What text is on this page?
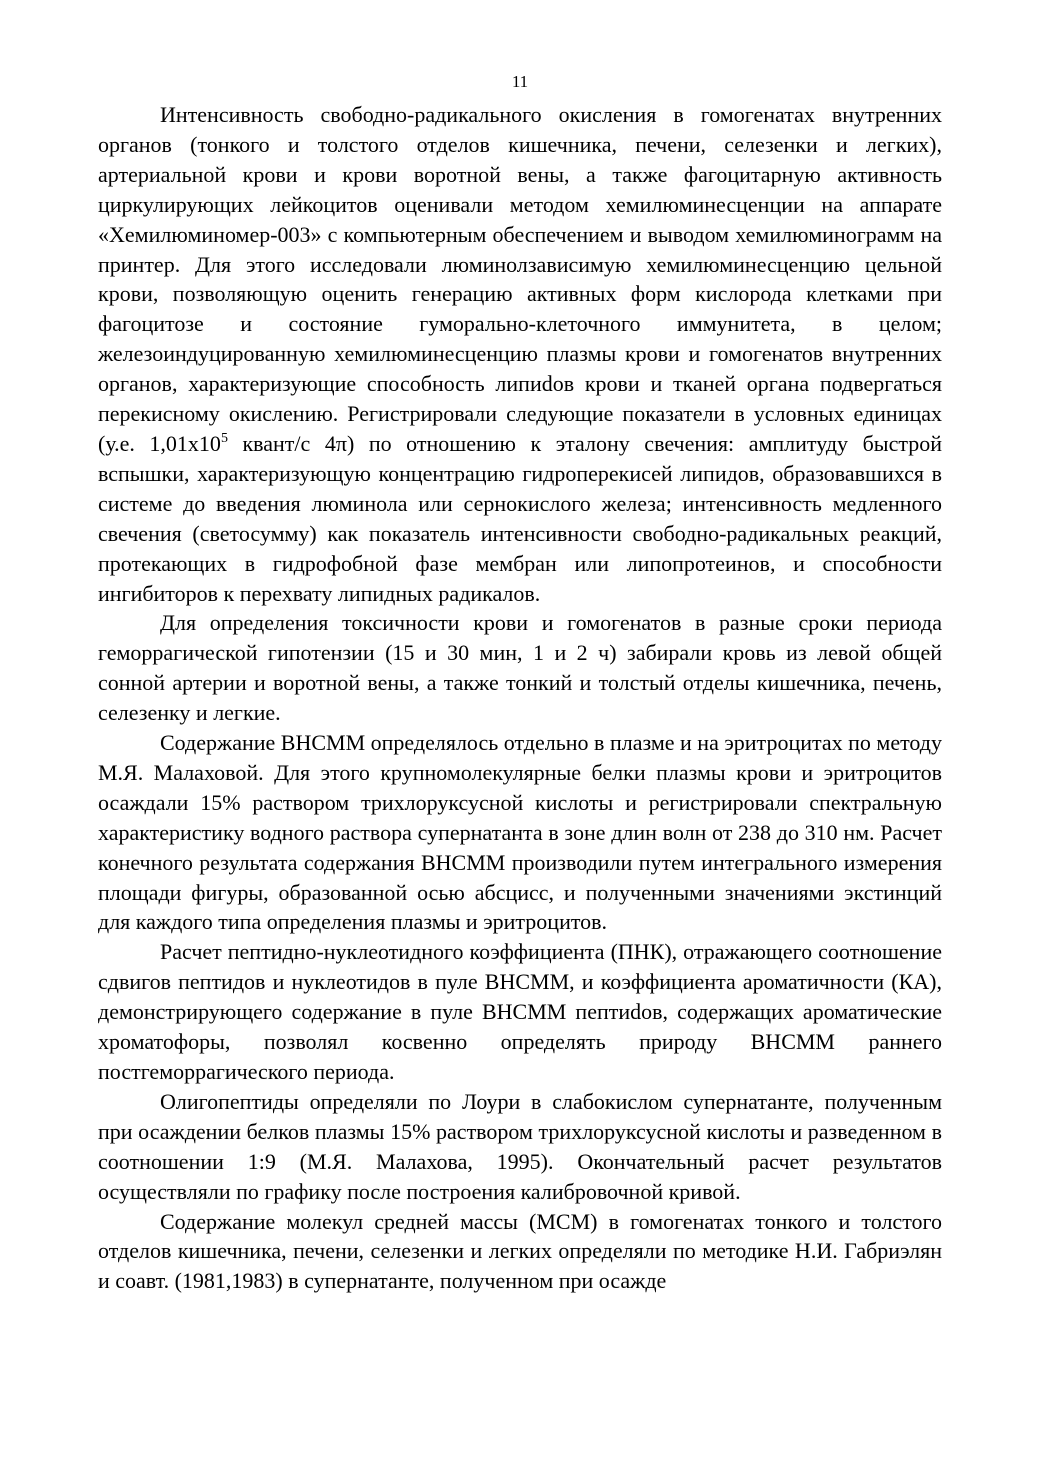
11

Интенсивность свободно-радикального окисления в гомогенатах внутренних органов (тонкого и толстого отделов кишечника, печени, селезенки и легких), артериальной крови и крови воротной вены, а также фагоцитарную активность циркулирующих лейкоцитов оценивали методом хемилюминесценции на аппарате «Хемилюминомер-003» с компьютерным обеспечением и выводом хемилюминограмм на принтер. Для этого исследовали люминолзависимую хемилюминесценцию цельной крови, позволяющую оценить генерацию активных форм кислорода клетками при фагоцитозе и состояние гуморально-клеточного иммунитета, в целом; железоиндуцированную хемилюминесценцию плазмы крови и гомогенатов внутренних органов, характеризующие способность липиdов крови и тканей органа подвергаться перекисному окислению. Регистрировали следующие показатели в условных единицах (у.е. $1,01х10^5$ квант/с 4π) по отношению к эталону свечения: амплитуду быстрой вспышки, характеризующую концентрацию гидроперекисей липидов, образовавшихся в системе до введения люминола или сернокислого железа; интенсивность медленного свечения (светосумму) как показатель интенсивности свободно-радикальных реакций, протекающих в гидрофобной фазе мембран или липопротеинов, и способности ингибиторов к перехвату липидных радикалов.

Для определения токсичности крови и гомогенатов в разные сроки периода геморрагической гипотензии (15 и 30 мин, 1 и 2 ч) забирали кровь из левой общей сонной артерии и воротной вены, а также тонкий и толстый отделы кишечника, печень, селезенку и легкие.

Содержание ВНСММ определялось отдельно в плазме и на эритроцитах по методу М.Я. Малаховой. Для этого крупномолекулярные белки плазмы крови и эритроцитов осаждали 15% раствором трихлоруксусной кислоты и регистрировали спектральную характеристику водного раствора супернатанта в зоне длин волн от 238 до 310 нм. Расчет конечного результата содержания ВНСММ производили путем интегрального измерения площади фигуры, образованной осью абсцисс, и полученными значениями экстинций для каждого типа определения плазмы и эритроцитов.

Расчет пептидно-нуклеотидного коэффициента (ПНК), отражающего соотношение сдвигов пептидов и нуклеотидов в пуле ВНСММ, и коэффициента ароматичности (КА), демонстрирующего содержание в пуле ВНСММ пептиdов, содержащих ароматические хроматофоры, позволял косвенно определять природу ВНСММ раннего постгеморрагического периода.

Олигопептиды определяли по Лоури в слабокислом супернатанте, полученным при осаждении белков плазмы 15% раствором трихлоруксусной кислоты и разведенном в соотношении 1:9 (М.Я. Малахова, 1995). Окончательный расчет результатов осуществляли по графику после построения калибровочной кривой.

Содержание молекул средней массы (МСМ) в гомогенатах тонкого и толстого отделов кишечника, печени, селезенки и легких определяли по методике Н.И. Габриэлян и соавт. (1981,1983) в супернатанте, полученном при осажде
